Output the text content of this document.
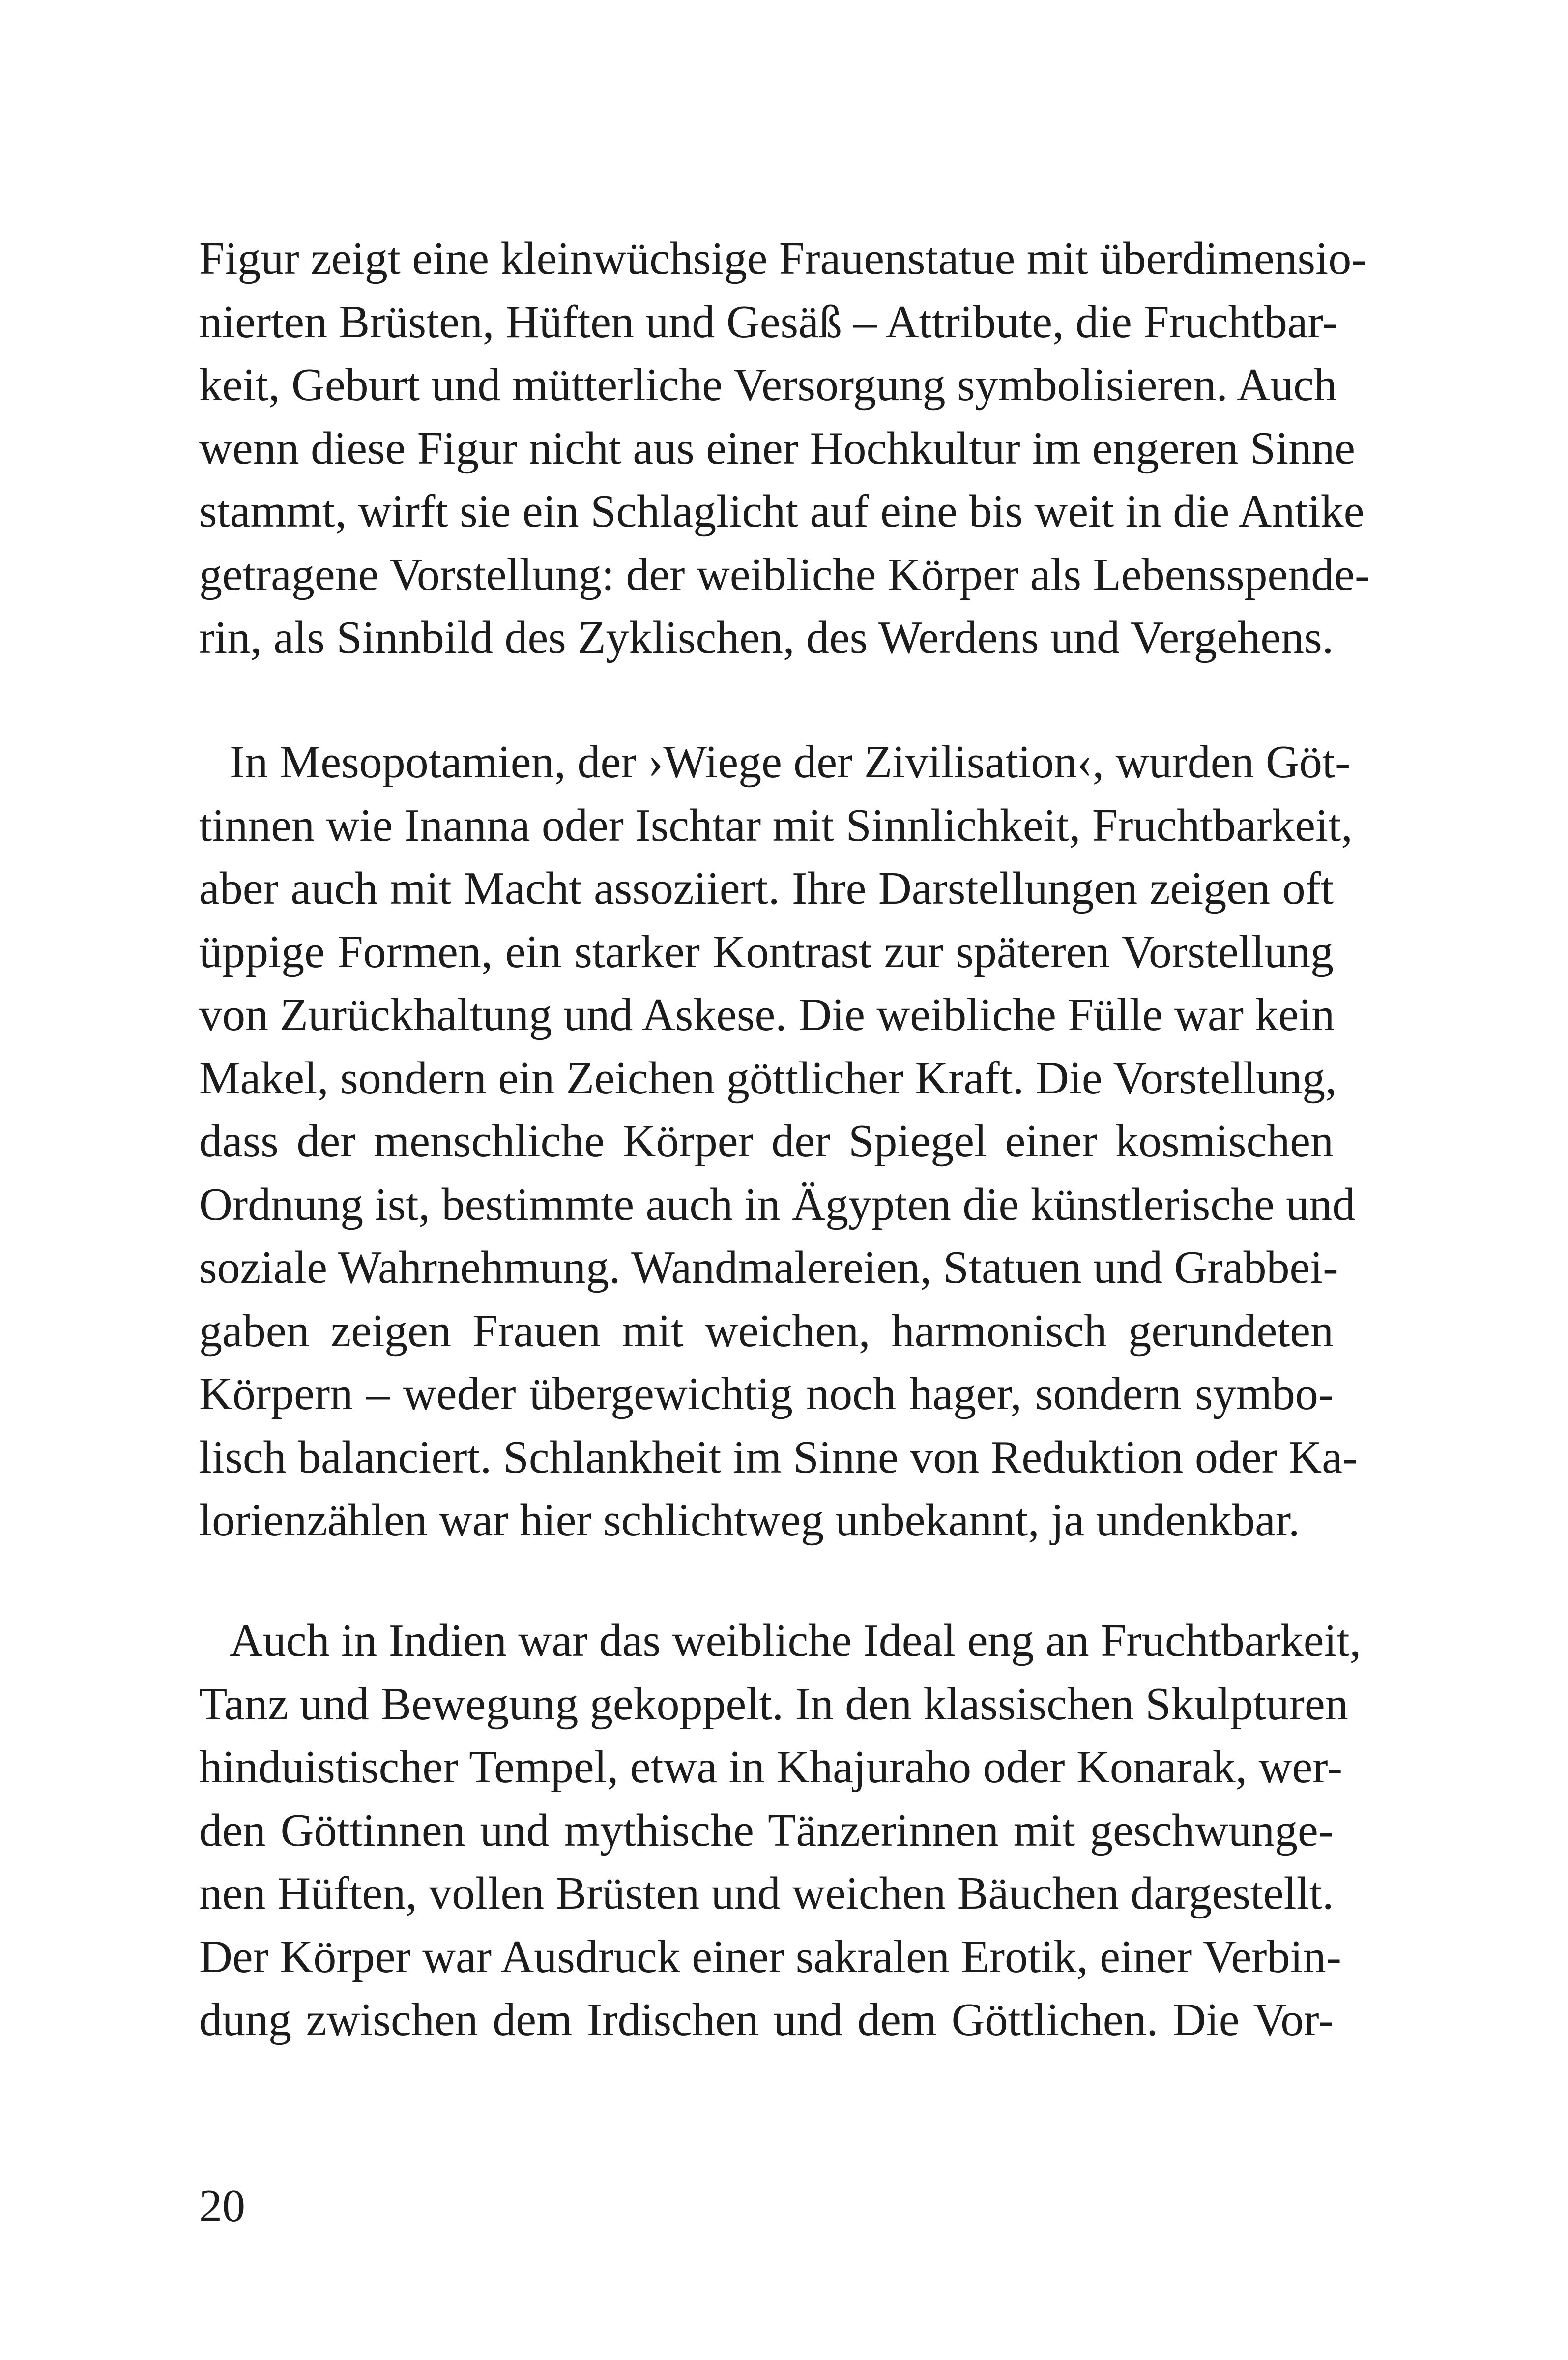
Figur zeigt eine kleinwüchsige Frauenstatue mit überdimensio-
nierten Brüsten, Hüften und Gesäß – Attribute, die Fruchtbar-
keit, Geburt und mütterliche Versorgung symbolisieren. Auch
wenn diese Figur nicht aus einer Hochkultur im engeren Sinne
stammt, wirft sie ein Schlaglicht auf eine bis weit in die Antike
getragene Vorstellung: der weibliche Körper als Lebensspende-
rin, als Sinnbild des Zyklischen, des Werdens und Vergehens.
In Mesopotamien, der ›Wiege der Zivilisation‹, wurden Göt-
tinnen wie Inanna oder Ischtar mit Sinnlichkeit, Fruchtbarkeit,
aber auch mit Macht assoziiert. Ihre Darstellungen zeigen oft
üppige Formen, ein starker Kontrast zur späteren Vorstellung
von Zurückhaltung und Askese. Die weibliche Fülle war kein
Makel, sondern ein Zeichen göttlicher Kraft. Die Vorstellung,
dass der menschliche Körper der Spiegel einer kosmischen
Ordnung ist, bestimmte auch in Ägypten die künstlerische und
soziale Wahrnehmung. Wandmalereien, Statuen und Grabbei-
gaben zeigen Frauen mit weichen, harmonisch gerundeten
Körpern – weder übergewichtig noch hager, sondern symbo-
lisch balanciert. Schlankheit im Sinne von Reduktion oder Ka-
lorienzählen war hier schlichtweg unbekannt, ja undenkbar.
Auch in Indien war das weibliche Ideal eng an Fruchtbarkeit,
Tanz und Bewegung gekoppelt. In den klassischen Skulpturen
hinduistischer Tempel, etwa in Khajuraho oder Konarak, wer-
den Göttinnen und mythische Tänzerinnen mit geschwunge-
nen Hüften, vollen Brüsten und weichen Bäuchen dargestellt.
Der Körper war Ausdruck einer sakralen Erotik, einer Verbin-
dung zwischen dem Irdischen und dem Göttlichen. Die Vor-
20
